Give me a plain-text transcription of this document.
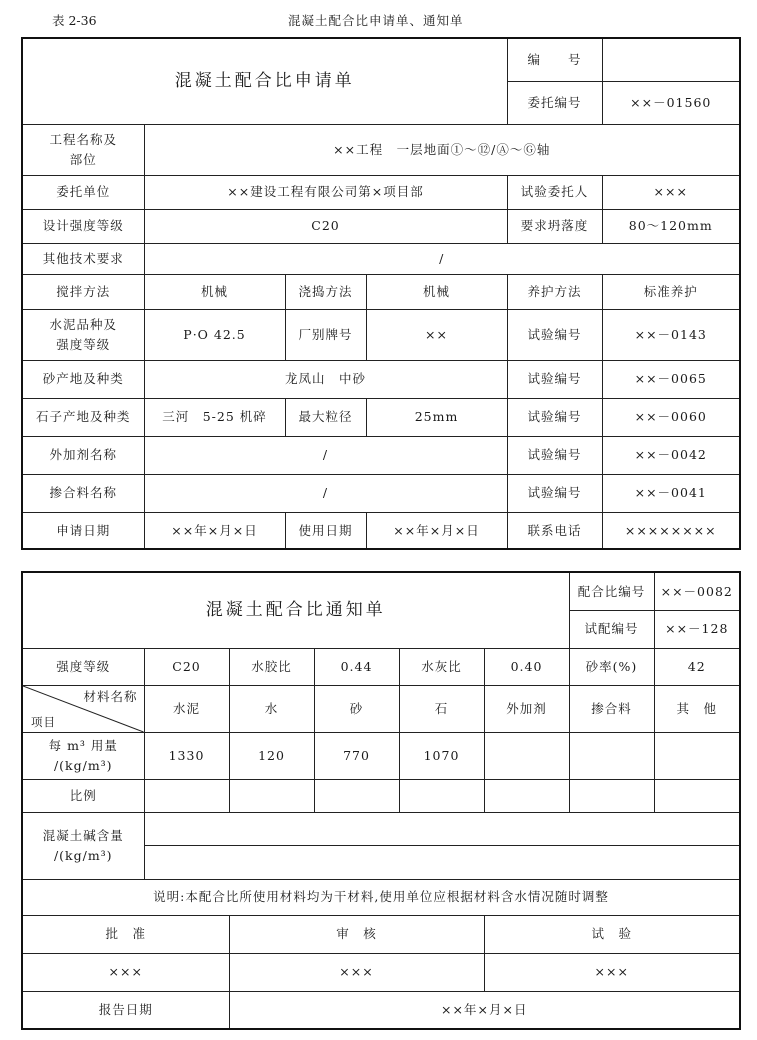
表 2-36	混凝土配合比申请单、通知单
混凝土配合比申请单				编　　号	
				委托编号	××－01560
工程名称及
部位	××工程　一层地面①～⑫/Ⓐ～Ⓖ轴				
委托单位	××建设工程有限公司第×项目部			试验委托人	×××
设计强度等级	C20			要求坍落度	80～120mm
其他技术要求	/				
搅拌方法	机械	浇捣方法	机械	养护方法	标准养护
水泥品种及
强度等级	P·O 42.5	厂别牌号	××	试验编号	××－0143
砂产地及种类	龙凤山　中砂			试验编号	××－0065
石子产地及种类	三河　5-25 机碎	最大粒径	25mm	试验编号	××－0060
外加剂名称	/			试验编号	××－0042
掺合料名称	/			试验编号	××－0041
申请日期	××年×月×日	使用日期	××年×月×日	联系电话	××××××××
混凝土配合比通知单						配合比编号	××－0082
						试配编号	××－128
强度等级	C20	水胶比	0.44	水灰比	0.40	砂率(%)	42

材料名称
项目	水泥	水	砂	石	外加剂	掺合料	其　他
每 m³ 用量
/(kg/m³)	1330	120	770	1070			
比例							
混凝土碱含量
/(kg/m³)							

说明:本配合比所使用材料均为干材料,使用单位应根据材料含水情况随时调整							
批　准		审　核			试　验		
×××		×××			×××		
报告日期		××年×月×日					
